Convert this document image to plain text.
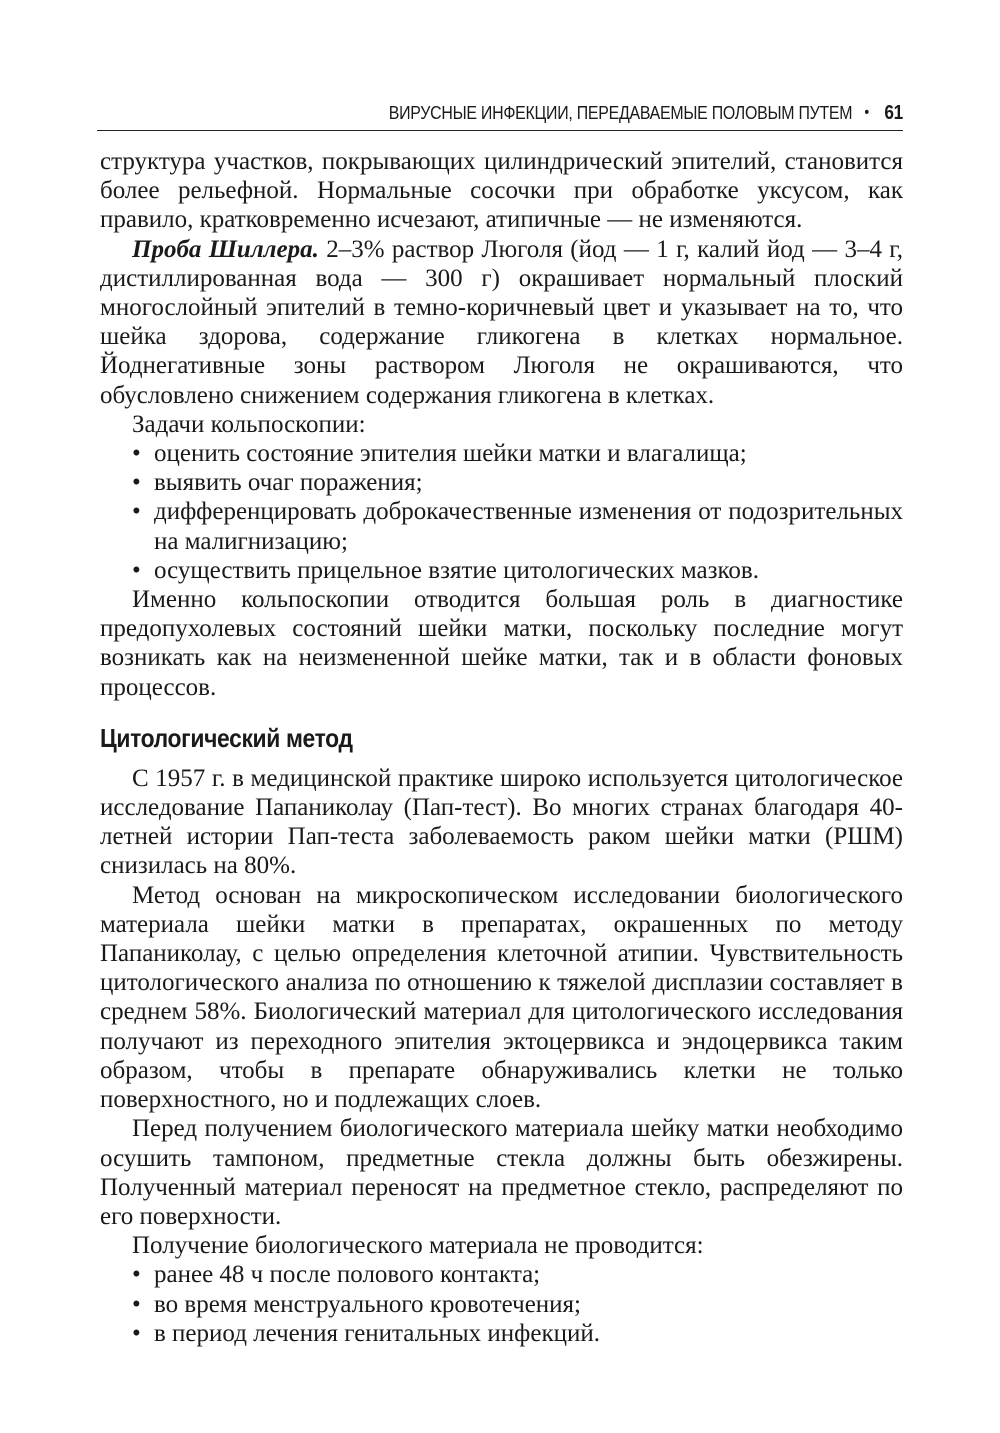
ВИРУСНЫЕ ИНФЕКЦИИ, ПЕРЕДАВАЕМЫЕ ПОЛОВЫМ ПУТЕМ • 61

структура участков, покрывающих цилиндрический эпителий, становится более рельефной. Нормальные сосочки при обработке уксусом, как правило, кратковременно исчезают, атипичные — не изменяются.

Проба Шиллера. 2–3% раствор Люголя (йод — 1 г, калий йод — 3–4 г, дистиллированная вода — 300 г) окрашивает нормальный плоский многослойный эпителий в темно-коричневый цвет и указывает на то, что шейка здорова, содержание гликогена в клетках нормальное. Йоднегативные зоны раствором Люголя не окрашиваются, что обусловлено снижением содержания гликогена в клетках.

Задачи кольпоскопии:

• оценить состояние эпителия шейки матки и влагалища;
• выявить очаг поражения;
• дифференцировать доброкачественные изменения от подозрительных на малигнизацию;
• осуществить прицельное взятие цитологических мазков.

Именно кольпоскопии отводится большая роль в диагностике предопухолевых состояний шейки матки, поскольку последние могут возникать как на неизмененной шейке матки, так и в области фоновых процессов.

Цитологический метод

С 1957 г. в медицинской практике широко используется цитологическое исследование Папаниколау (Пап-тест). Во многих странах благодаря 40-летней истории Пап-теста заболеваемость раком шейки матки (РШМ) снизилась на 80%.

Метод основан на микроскопическом исследовании биологического материала шейки матки в препаратах, окрашенных по методу Папаниколау, с целью определения клеточной атипии. Чувствительность цитологического анализа по отношению к тяжелой дисплазии составляет в среднем 58%. Биологический материал для цитологического исследования получают из переходного эпителия эктоцервикса и эндоцервикса таким образом, чтобы в препарате обнаруживались клетки не только поверхностного, но и подлежащих слоев.

Перед получением биологического материала шейку матки необходимо осушить тампоном, предметные стекла должны быть обезжирены. Полученный материал переносят на предметное стекло, распределяют по его поверхности.

Получение биологического материала не проводится:

• ранее 48 ч после полового контакта;
• во время менструального кровотечения;
• в период лечения генитальных инфекций.
